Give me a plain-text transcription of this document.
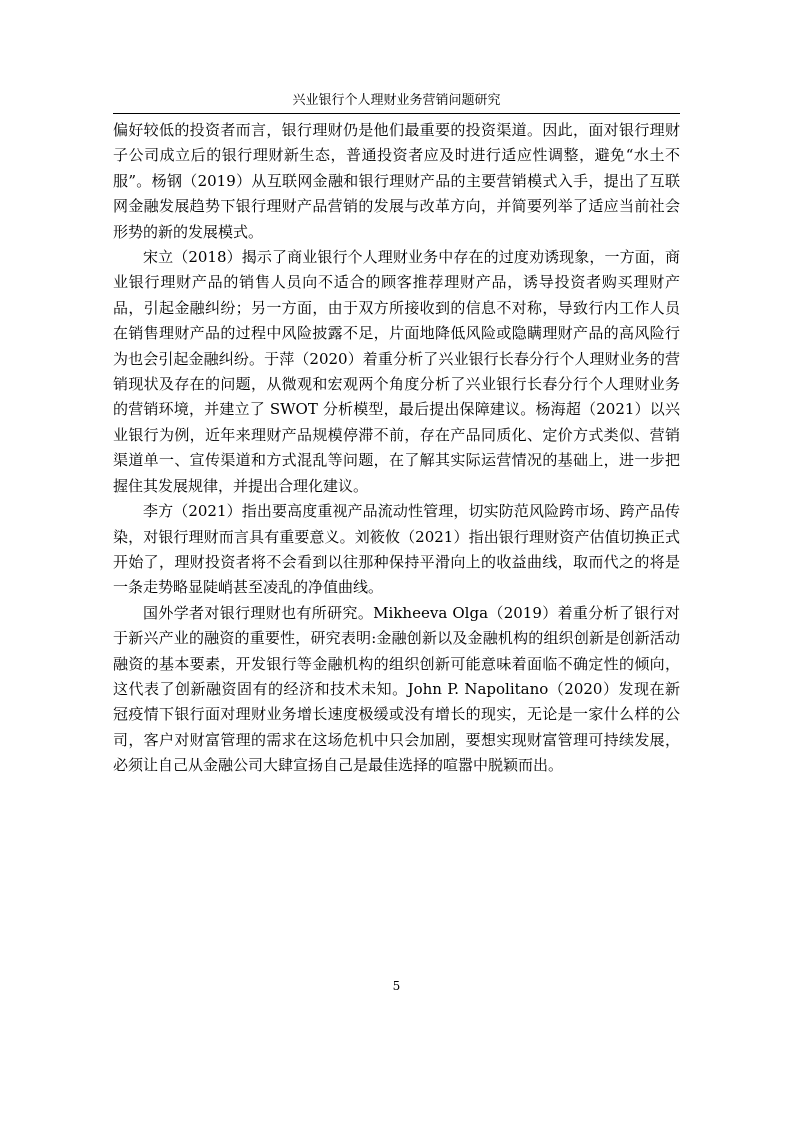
兴业银行个人理财业务营销问题研究

偏好较低的投资者而言，银行理财仍是他们最重要的投资渠道。因此，面对银行理财子公司成立后的银行理财新生态，普通投资者应及时进行适应性调整，避免“水土不服”。杨钢（2019）从互联网金融和银行理财产品的主要营销模式入手，提出了互联网金融发展趋势下银行理财产品营销的发展与改革方向，并简要列举了适应当前社会形势的新的发展模式。

宋立（2018）揭示了商业银行个人理财业务中存在的过度劝诱现象，一方面，商业银行理财产品的销售人员向不适合的顾客推荐理财产品，诱导投资者购买理财产品，引起金融纠纷；另一方面，由于双方所接收到的信息不对称，导致行内工作人员在销售理财产品的过程中风险披露不足，片面地降低风险或隐瞒理财产品的高风险行为也会引起金融纠纷。于萍（2020）着重分析了兴业银行长春分行个人理财业务的营销现状及存在的问题，从微观和宏观两个角度分析了兴业银行长春分行个人理财业务的营销环境，并建立了 SWOT 分析模型，最后提出保障建议。杨海超（2021）以兴业银行为例，近年来理财产品规模停滞不前，存在产品同质化、定价方式类似、营销渠道单一、宣传渠道和方式混乱等问题，在了解其实际运营情况的基础上，进一步把握住其发展规律，并提出合理化建议。

李方（2021）指出要高度重视产品流动性管理，切实防范风险跨市场、跨产品传染，对银行理财而言具有重要意义。刘筱攸（2021）指出银行理财资产估值切换正式开始了，理财投资者将不会看到以往那种保持平滑向上的收益曲线，取而代之的将是一条走势略显陡峭甚至凌乱的净值曲线。

国外学者对银行理财也有所研究。Mikheeva Olga（2019）着重分析了银行对于新兴产业的融资的重要性，研究表明:金融创新以及金融机构的组织创新是创新活动融资的基本要素，开发银行等金融机构的组织创新可能意味着面临不确定性的倾向，这代表了创新融资固有的经济和技术未知。John P. Napolitano（2020）发现在新冠疫情下银行面对理财业务增长速度极缓或没有增长的现实，无论是一家什么样的公司，客户对财富管理的需求在这场危机中只会加剧，要想实现财富管理可持续发展，必须让自己从金融公司大肆宣扬自己是最佳选择的喧嚣中脱颖而出。

5
